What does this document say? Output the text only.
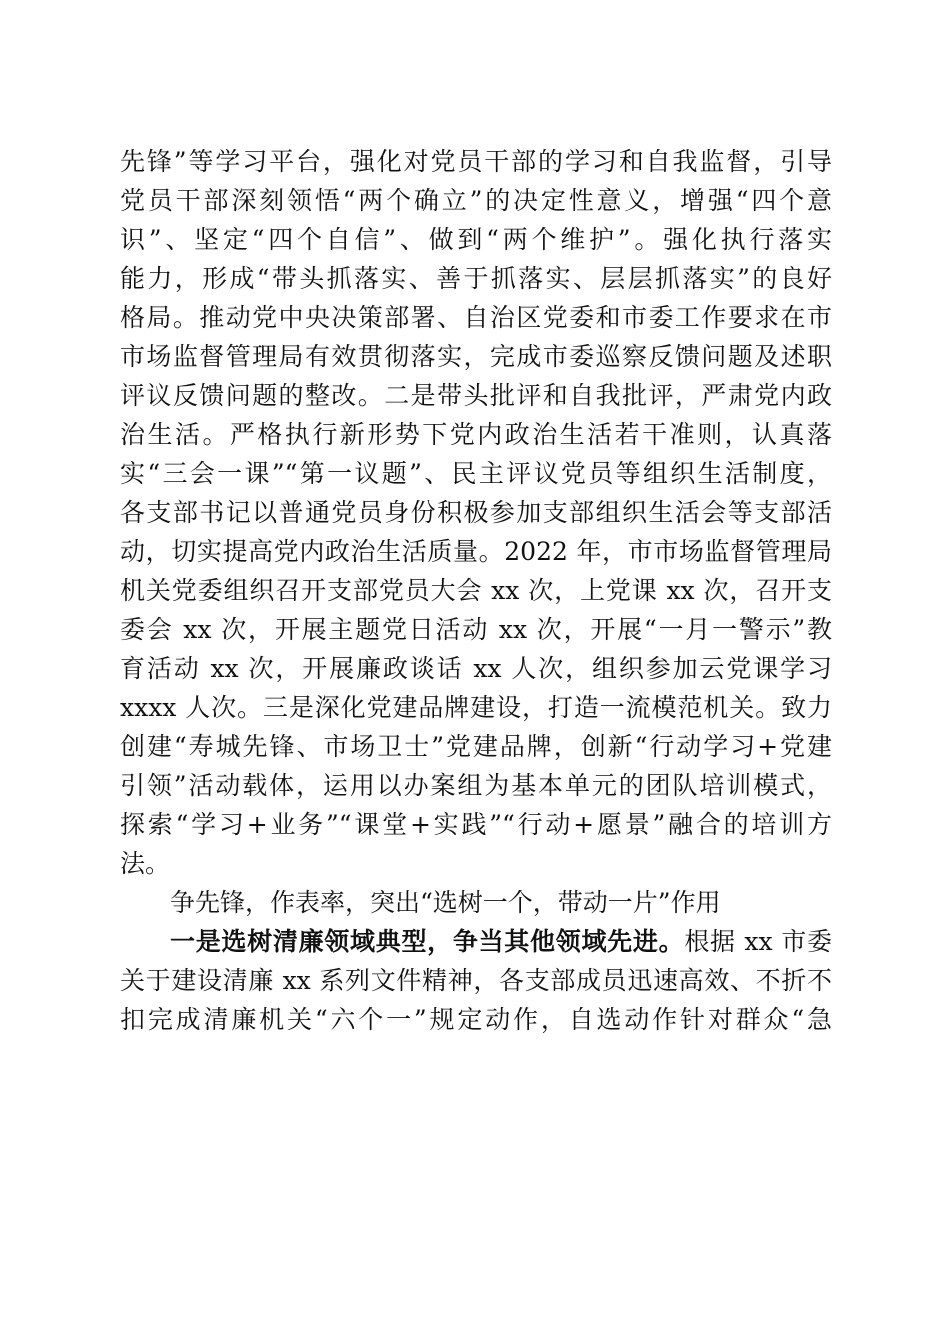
先锋”等学习平台，强化对党员干部的学习和自我监督，引导
党员干部深刻领悟“两个确立”的决定性意义，增强“四个意
识”、坚定“四个自信”、做到“两个维护”。强化执行落实
能力，形成“带头抓落实、善于抓落实、层层抓落实”的良好
格局。推动党中央决策部署、自治区党委和市委工作要求在市
市场监督管理局有效贯彻落实，完成市委巡察反馈问题及述职
评议反馈问题的整改。二是带头批评和自我批评，严肃党内政
治生活。严格执行新形势下党内政治生活若干准则，认真落
实“三会一课”“第一议题”、民主评议党员等组织生活制度，
各支部书记以普通党员身份积极参加支部组织生活会等支部活
动，切实提高党内政治生活质量。2022 年，市市场监督管理局
机关党委组织召开支部党员大会 xx 次，上党课 xx 次，召开支
委会 xx 次，开展主题党日活动 xx 次，开展“一月一警示”教
育活动 xx 次，开展廉政谈话 xx 人次，组织参加云党课学习
xxxx 人次。三是深化党建品牌建设，打造一流模范机关。致力
创建“寿城先锋、市场卫士”党建品牌，创新“行动学习+党建
引领”活动载体，运用以办案组为基本单元的团队培训模式，
探索“学习+业务”“课堂+实践”“行动+愿景”融合的培训方
法。
争先锋，作表率，突出“选树一个，带动一片”作用
一是选树清廉领域典型，争当其他领域先进。根据 xx 市委
关于建设清廉 xx 系列文件精神，各支部成员迅速高效、不折不
扣完成清廉机关“六个一”规定动作，自选动作针对群众“急
